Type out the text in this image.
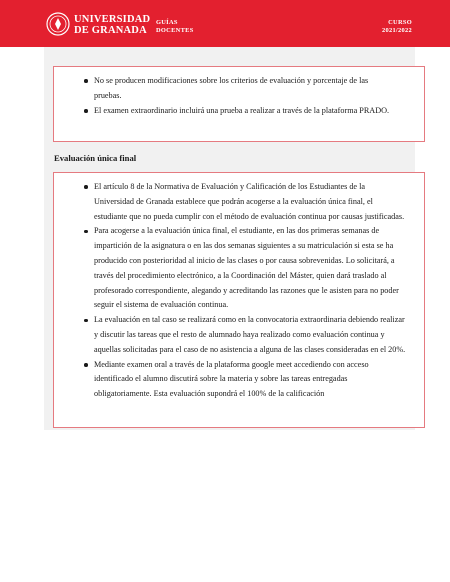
UNIVERSIDAD
DE GRANADA
GUÍAS
DOCENTES
CURSO
2021/2022
No se producen modificaciones sobre los criterios de evaluación y porcentaje de las pruebas.
El examen extraordinario incluirá una prueba a realizar a través de la plataforma PRADO.
Evaluación única final
El artículo 8 de la Normativa de Evaluación y Calificación de los Estudiantes de la Universidad de Granada establece que podrán acogerse a la evaluación única final, el estudiante que no pueda cumplir con el método de evaluación continua por causas justificadas.
Para acogerse a la evaluación única final, el estudiante, en las dos primeras semanas de impartición de la asignatura o en las dos semanas siguientes a su matriculación si esta se ha producido con posterioridad al inicio de las clases o por causa sobrevenidas. Lo solicitará, a través del procedimiento electrónico, a la Coordinación del Máster, quien dará traslado al profesorado correspondiente, alegando y acreditando las razones que le asisten para no poder seguir el sistema de evaluación continua.
La evaluación en tal caso se realizará como en la convocatoria extraordinaria debiendo realizar y discutir las tareas que el resto de alumnado haya realizado como evaluación continua y aquellas solicitadas para el caso de no asistencia a alguna de las clases consideradas en el 20%.
Mediante examen oral a través de la plataforma google meet accediendo con acceso identificado el alumno discutirá sobre la materia y sobre las tareas entregadas obligatoriamente. Esta evaluación supondrá el 100% de la calificación
